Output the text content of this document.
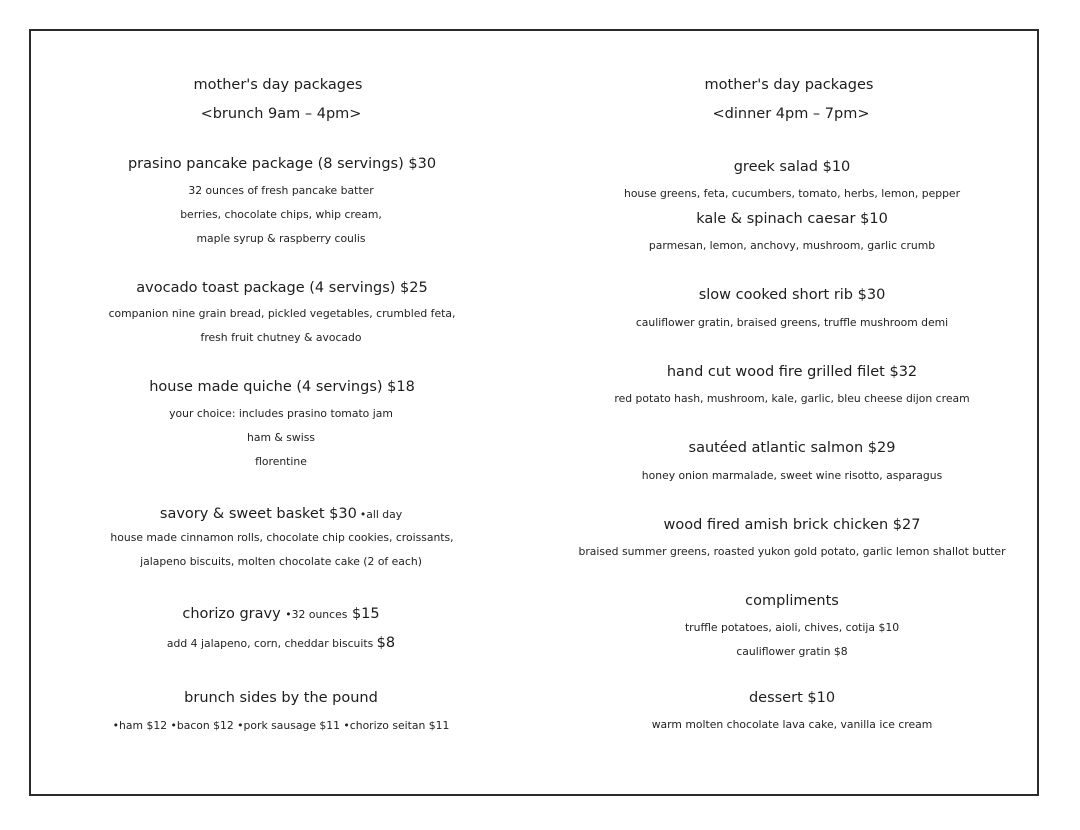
mother's day packages
<brunch 9am – 4pm>
prasino pancake package (8 servings) $30
32 ounces of fresh pancake batter
berries, chocolate chips, whip cream,
maple syrup & raspberry coulis
avocado toast package (4 servings) $25
companion nine grain bread, pickled vegetables, crumbled feta,
fresh fruit chutney & avocado
house made quiche (4 servings) $18
your choice: includes prasino tomato jam
ham & swiss
florentine
savory & sweet basket $30 •all day
house made cinnamon rolls, chocolate chip cookies, croissants,
jalapeno biscuits, molten chocolate cake (2 of each)
chorizo gravy •32 ounces $15
add 4 jalapeno, corn, cheddar biscuits $8
brunch sides by the pound
•ham $12 •bacon $12 •pork sausage $11 •chorizo seitan $11
mother's day packages
<dinner 4pm – 7pm>
greek salad $10
house greens, feta, cucumbers, tomato, herbs, lemon, pepper
kale & spinach caesar $10
parmesan, lemon, anchovy, mushroom, garlic crumb
slow cooked short rib $30
cauliflower gratin, braised greens, truffle mushroom demi
hand cut wood fire grilled filet $32
red potato hash, mushroom, kale, garlic, bleu cheese dijon cream
sautéed atlantic salmon $29
honey onion marmalade, sweet wine risotto, asparagus
wood fired amish brick chicken $27
braised summer greens, roasted yukon gold potato, garlic lemon shallot butter
compliments
truffle potatoes, aioli, chives, cotija $10
cauliflower gratin $8
dessert $10
warm molten chocolate lava cake, vanilla ice cream
